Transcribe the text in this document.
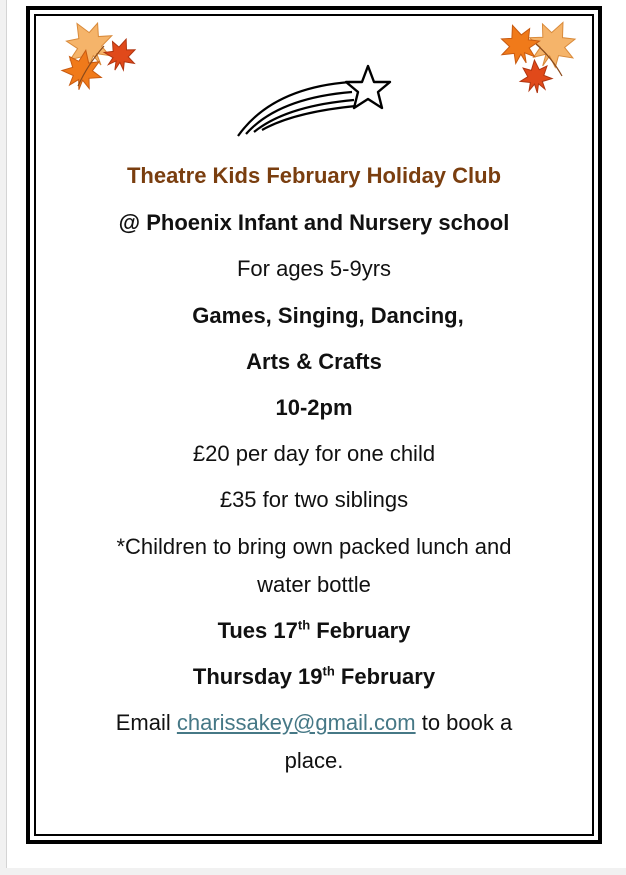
Theatre Kids February Holiday Club
@ Phoenix Infant and Nursery school
For ages 5-9yrs
Games, Singing, Dancing,
Arts & Crafts
10-2pm
£20 per day for one child
£35 for two siblings
*Children to bring own packed lunch and
water bottle
Tues 17th February
Thursday 19th February
Email charissakey@gmail.com to book a
place.
